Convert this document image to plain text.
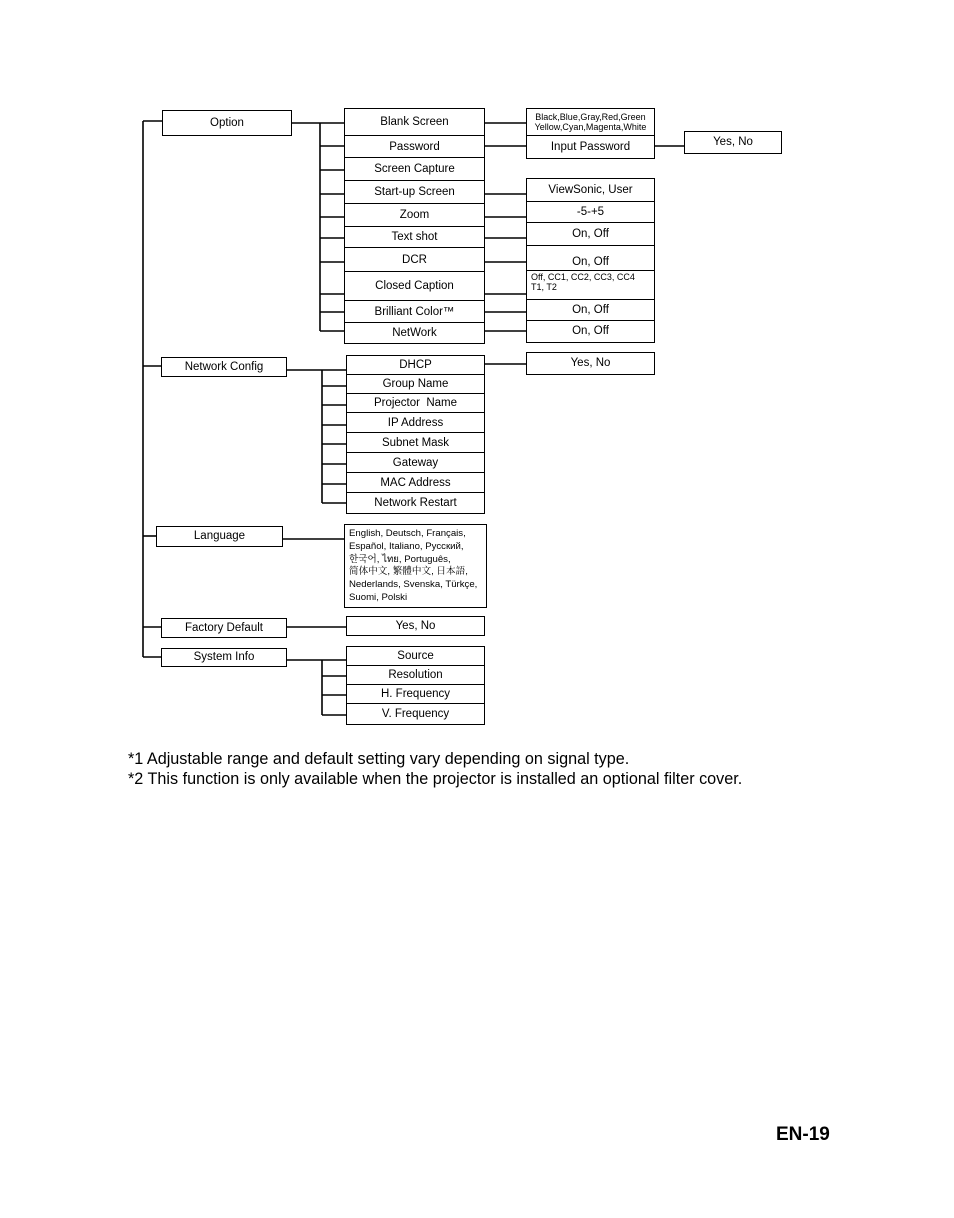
Option
Network Config
Language
Factory Default
System Info
Blank Screen
Password
Screen Capture
Start-up Screen
Zoom
Text shot
DCR
Closed Caption
Brilliant Color™
NetWork
Black,Blue,Gray,Red,Green
Yellow,Cyan,Magenta,White
Input Password	Yes, No
ViewSonic, User
-5-+5
On, Off
On, Off
Off, CC1, CC2, CC3, CC4
T1, T2
On, Off
On, Off
DHCP
Group Name
Projector  Name
IP Address
Subnet Mask
Gateway
MAC Address
Network Restart
Yes, No
English, Deutsch, Français,
Español, Italiano, Русский,
한국어, ไทย, Português,
简体中文, 繁體中文, 日本語,
Nederlands, Svenska, Türkçe,
Suomi, Polski
Yes, No
Source
Resolution
H. Frequency
V. Frequency
*1 Adjustable range and default setting vary depending on signal type.
*2 This function is only available when the projector is installed an optional filter cover.
EN-19
